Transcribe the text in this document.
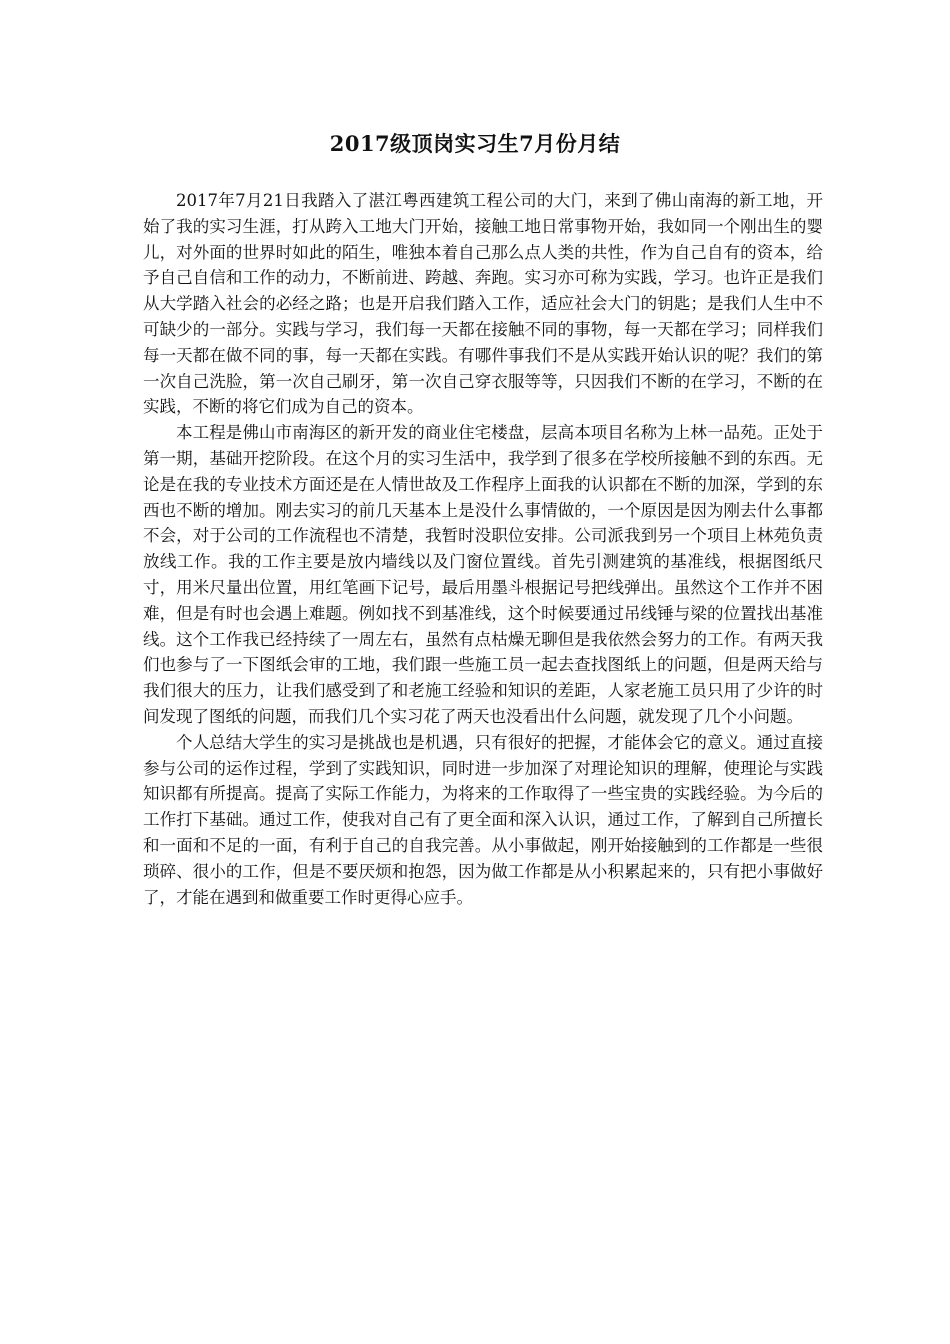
2017级顶岗实习生7月份月结

2017年7月21日我踏入了湛江粤西建筑工程公司的大门，来到了佛山南海的新工地，开始了我的实习生涯，打从跨入工地大门开始，接触工地日常事物开始，我如同一个刚出生的婴儿，对外面的世界时如此的陌生，唯独本着自己那么点人类的共性，作为自己自有的资本，给予自己自信和工作的动力，不断前进、跨越、奔跑。实习亦可称为实践，学习。也许正是我们从大学踏入社会的必经之路；也是开启我们踏入工作，适应社会大门的钥匙；是我们人生中不可缺少的一部分。实践与学习，我们每一天都在接触不同的事物，每一天都在学习；同样我们每一天都在做不同的事，每一天都在实践。有哪件事我们不是从实践开始认识的呢？我们的第一次自己洗脸，第一次自己刷牙，第一次自己穿衣服等等，只因我们不断的在学习，不断的在实践，不断的将它们成为自己的资本。

本工程是佛山市南海区的新开发的商业住宅楼盘，层高本项目名称为上林一品苑。正处于第一期，基础开挖阶段。在这个月的实习生活中，我学到了很多在学校所接触不到的东西。无论是在我的专业技术方面还是在人情世故及工作程序上面我的认识都在不断的加深，学到的东西也不断的增加。刚去实习的前几天基本上是没什么事情做的，一个原因是因为刚去什么事都不会，对于公司的工作流程也不清楚，我暂时没职位安排。公司派我到另一个项目上林苑负责放线工作。我的工作主要是放内墙线以及门窗位置线。首先引测建筑的基准线，根据图纸尺寸，用米尺量出位置，用红笔画下记号，最后用墨斗根据记号把线弹出。虽然这个工作并不困难，但是有时也会遇上难题。例如找不到基准线，这个时候要通过吊线锤与梁的位置找出基准线。这个工作我已经持续了一周左右，虽然有点枯燥无聊但是我依然会努力的工作。有两天我们也参与了一下图纸会审的工地，我们跟一些施工员一起去查找图纸上的问题，但是两天给与我们很大的压力，让我们感受到了和老施工经验和知识的差距，人家老施工员只用了少许的时间发现了图纸的问题，而我们几个实习花了两天也没看出什么问题，就发现了几个小问题。

个人总结大学生的实习是挑战也是机遇，只有很好的把握，才能体会它的意义。通过直接参与公司的运作过程，学到了实践知识，同时进一步加深了对理论知识的理解，使理论与实践知识都有所提高。提高了实际工作能力，为将来的工作取得了一些宝贵的实践经验。为今后的工作打下基础。通过工作，使我对自己有了更全面和深入认识，通过工作，了解到自己所擅长和一面和不足的一面，有利于自己的自我完善。从小事做起，刚开始接触到的工作都是一些很琐碎、很小的工作，但是不要厌烦和抱怨，因为做工作都是从小积累起来的，只有把小事做好了，才能在遇到和做重要工作时更得心应手。
